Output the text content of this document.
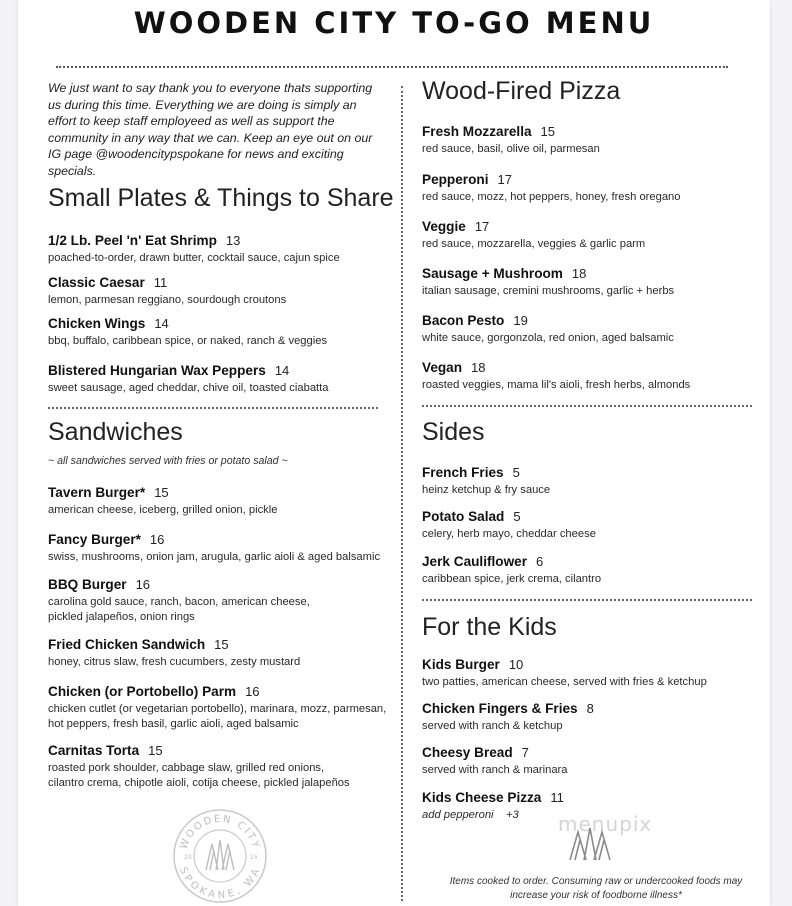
WOODEN CITY TO-GO MENU
We just want to say thank you to everyone thats supporting us during this time. Everything we are doing is simply an effort to keep staff employeed as well as support the community in any way that we can. Keep an eye out on our IG page @woodencitypspokane for news and exciting specials.
Small Plates & Things to Share
1/2 Lb. Peel 'n' Eat Shrimp 13
poached-to-order, drawn butter, cocktail sauce, cajun spice
Classic Caesar 11
lemon, parmesan reggiano, sourdough croutons
Chicken Wings 14
bbq, buffalo, caribbean spice, or naked, ranch & veggies
Blistered Hungarian Wax Peppers 14
sweet sausage, aged cheddar, chive oil, toasted ciabatta
Sandwiches
~ all sandwiches served with fries or potato salad ~
Tavern Burger* 15
american cheese, iceberg, grilled onion, pickle
Fancy Burger* 16
swiss, mushrooms, onion jam, arugula, garlic aioli & aged balsamic
BBQ Burger 16
carolina gold sauce, ranch, bacon, american cheese, pickled jalapeños, onion rings
Fried Chicken Sandwich 15
honey, citrus slaw, fresh cucumbers, zesty mustard
Chicken (or Portobello) Parm 16
chicken cutlet (or vegetarian portobello), marinara, mozz, parmesan, hot peppers, fresh basil, garlic aioli, aged balsamic
Carnitas Torta 15
roasted pork shoulder, cabbage slaw, grilled red onions, cilantro crema, chipotle aioli, cotija cheese, pickled jalapeños
WOODEN CITY
SPOKANE, WA
20	15
Wood-Fired Pizza
Fresh Mozzarella 15
red sauce, basil, olive oil, parmesan
Pepperoni 17
red sauce, mozz, hot peppers, honey, fresh oregano
Veggie 17
red sauce, mozzarella, veggies & garlic parm
Sausage + Mushroom 18
italian sausage, cremini mushrooms, garlic + herbs
Bacon Pesto 19
white sauce, gorgonzola, red onion, aged balsamic
Vegan 18
roasted veggies, mama lil's aioli, fresh herbs, almonds
Sides
French Fries 5
heinz ketchup & fry sauce
Potato Salad 5
celery, herb mayo, cheddar cheese
Jerk Cauliflower 6
caribbean spice, jerk crema, cilantro
For the Kids
Kids Burger 10
two patties, american cheese, served with fries & ketchup
Chicken Fingers & Fries 8
served with ranch & ketchup
Cheesy Bread 7
served with ranch & marinara
Kids Cheese Pizza 11
add pepperoni    +3	menupix
Items cooked to order. Consuming raw or undercooked foods may increase your risk of foodborne illness*
